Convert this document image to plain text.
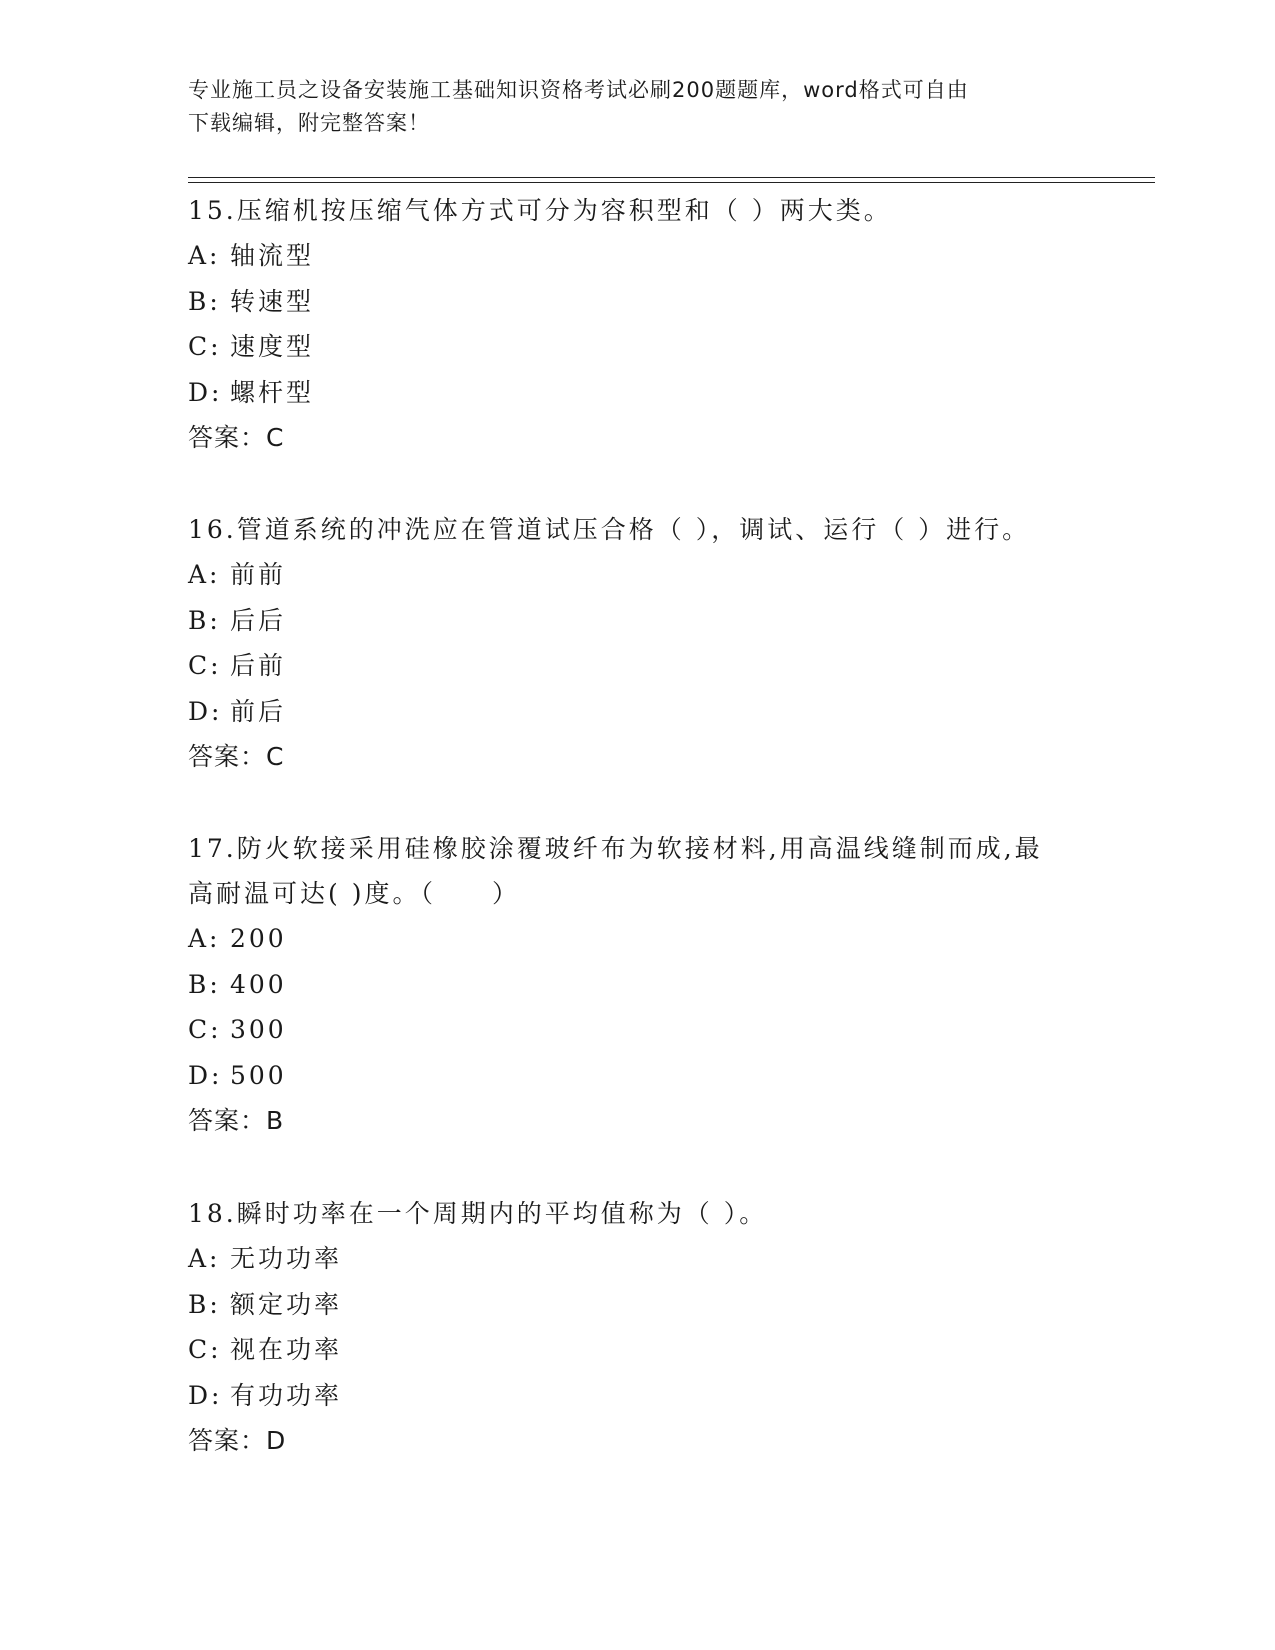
专业施工员之设备安装施工基础知识资格考试必刷200题题库，word格式可自由
下载编辑，附完整答案！

15.压缩机按压缩气体方式可分为容积型和（ ）两大类。

A: 轴流型
B: 转速型
C: 速度型
D: 螺杆型
答案：C

16.管道系统的冲洗应在管道试压合格（ ），调试、运行（ ）进行。

A: 前前
B: 后后
C: 后前
D: 前后
答案：C

17.防火软接采用硅橡胶涂覆玻纤布为软接材料,用高温线缝制而成,最

高耐温可达( )度。（　　）

A: 200
B: 400
C: 300
D: 500
答案：B

18.瞬时功率在一个周期内的平均值称为（ ）。

A: 无功功率
B: 额定功率
C: 视在功率
D: 有功功率
答案：D
